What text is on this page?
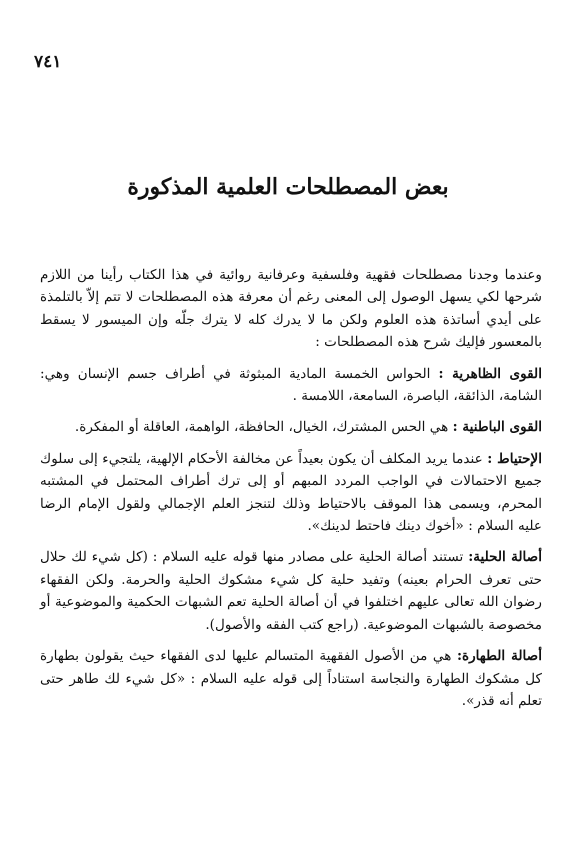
٧٤١
بعض المصطلحات العلمية المذكورة

وعندما وجدنا مصطلحات فقهية وفلسفية وعرفانية روائية في هذا الكتاب رأينا من اللازم شرحها لكي يسهل الوصول إلى المعنى رغم أن معرفة هذه المصطلحات لا تتم إلاّ بالتلمذة على أيدي أساتذة هذه العلوم ولكن ما لا يدرك كله لا يترك جلّه وإن الميسور لا يسقط بالمعسور فإليك شرح هذه المصطلحات :

القوى الظاهرية : الحواس الخمسة المادية المبثوثة في أطراف جسم الإنسان وهي: الشامة، الذائقة، الباصرة، السامعة، اللامسة .

القوى الباطنية : هي الحس المشترك، الخيال، الحافظة، الواهمة، العاقلة أو المفكرة.

الإحتياط : عندما يريد المكلف أن يكون بعيداً عن مخالفة الأحكام الإلهية، يلتجيء إلى سلوك جميع الاحتمالات في الواجب المردد المبهم أو إلى ترك أطراف المحتمل في المشتبه المحرم، ويسمى هذا الموقف بالاحتياط وذلك لتنجز العلم الإجمالي ولقول الإمام الرضا عليه السلام : «أخوك دينك فاحتط لدينك».

أصالة الحلية: تستند أصالة الحلية على مصادر منها قوله عليه السلام : (كل شيء لك حلال حتى تعرف الحرام بعينه) وتفيد حلية كل شيء مشكوك الحلية والحرمة. ولكن الفقهاء رضوان الله تعالى عليهم اختلفوا في أن أصالة الحلية تعم الشبهات الحكمية والموضوعية أو مخصوصة بالشبهات الموضوعية. (راجع كتب الفقه والأصول).

أصالة الطهارة: هي من الأصول الفقهية المتسالم عليها لدى الفقهاء حيث يقولون بطهارة كل مشكوك الطهارة والنجاسة استناداً إلى قوله عليه السلام : «كل شيء لك طاهر حتى تعلم أنه قذر».
